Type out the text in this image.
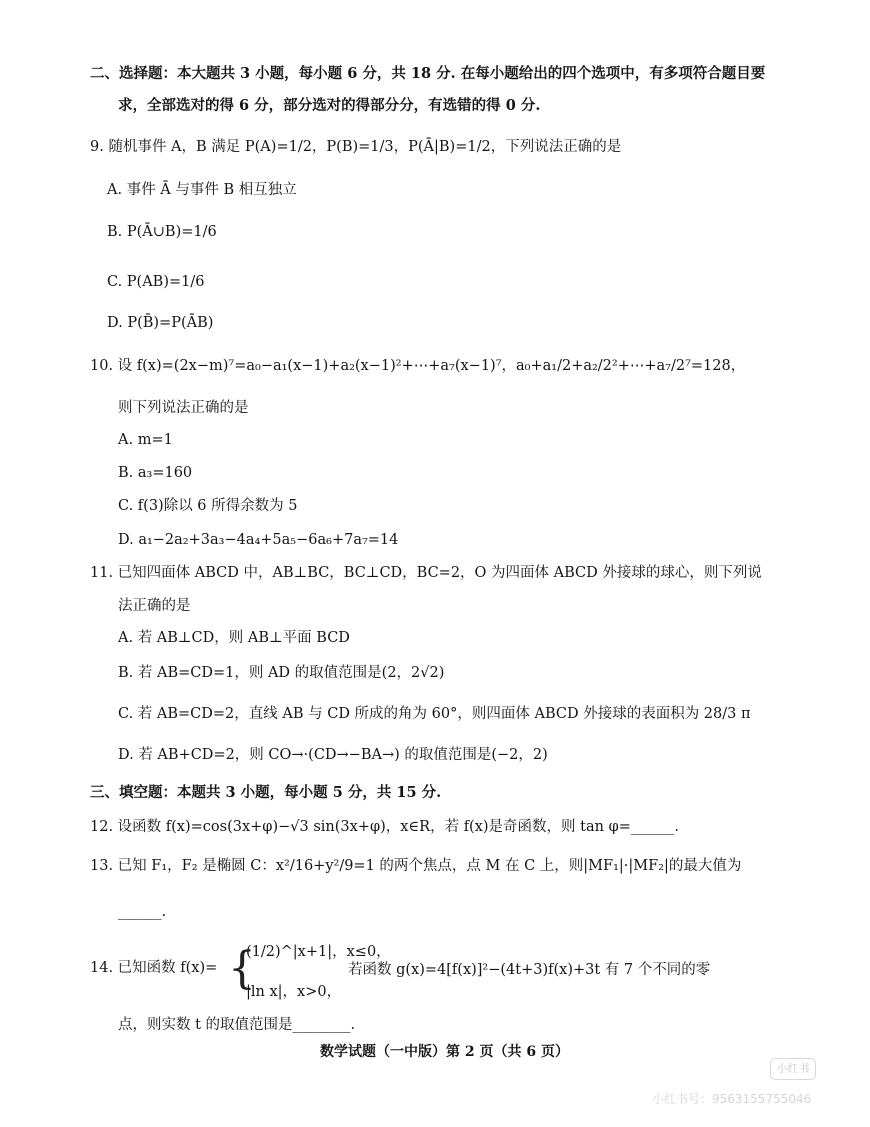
二、选择题：本大题共 3 小题，每小题 6 分，共 18 分. 在每小题给出的四个选项中，有多项符合题目要
求，全部选对的得 6 分，部分选对的得部分分，有选错的得 0 分.
9. 随机事件 A，B 满足 P(A)=1/2，P(B)=1/3，P(Ā|B)=1/2，下列说法正确的是
A. 事件 Ā 与事件 B 相互独立
B. P(Ā∪B)=1/6
C. P(AB)=1/6
D. P(B̄)=P(ĀB)
10. 设 f(x)=(2x−m)⁷=a₀−a₁(x−1)+a₂(x−1)²+⋯+a₇(x−1)⁷，a₀+a₁/2+a₂/2²+⋯+a₇/2⁷=128，
则下列说法正确的是
A. m=1
B. a₃=160
C. f(3)除以 6 所得余数为 5
D. a₁−2a₂+3a₃−4a₄+5a₅−6a₆+7a₇=14
11. 已知四面体 ABCD 中，AB⊥BC，BC⊥CD，BC=2，O 为四面体 ABCD 外接球的球心，则下列说
法正确的是
A. 若 AB⊥CD，则 AB⊥平面 BCD
B. 若 AB=CD=1，则 AD 的取值范围是(2，2√2)
C. 若 AB=CD=2，直线 AB 与 CD 所成的角为 60°，则四面体 ABCD 外接球的表面积为 28/3 π
D. 若 AB+CD=2，则 CO→·(CD→−BA→) 的取值范围是(−2，2)
三、填空题：本题共 3 小题，每小题 5 分，共 15 分.
12. 设函数 f(x)=cos(3x+φ)−√3 sin(3x+φ)，x∈R，若 f(x)是奇函数，则 tan φ=______.
13. 已知 F₁，F₂ 是椭圆 C：x²/16+y²/9=1 的两个焦点，点 M 在 C 上，则|MF₁|·|MF₂|的最大值为
______.
14. 已知函数 f(x)= {
(1/2)^|x+1|，x≤0，
|ln x|，x>0，
若函数 g(x)=4[f(x)]²−(4t+3)f(x)+3t 有 7 个不同的零
点，则实数 t 的取值范围是________.
数学试题（一中版）第 2 页（共 6 页）
小红书
小红书号：9563155755046
